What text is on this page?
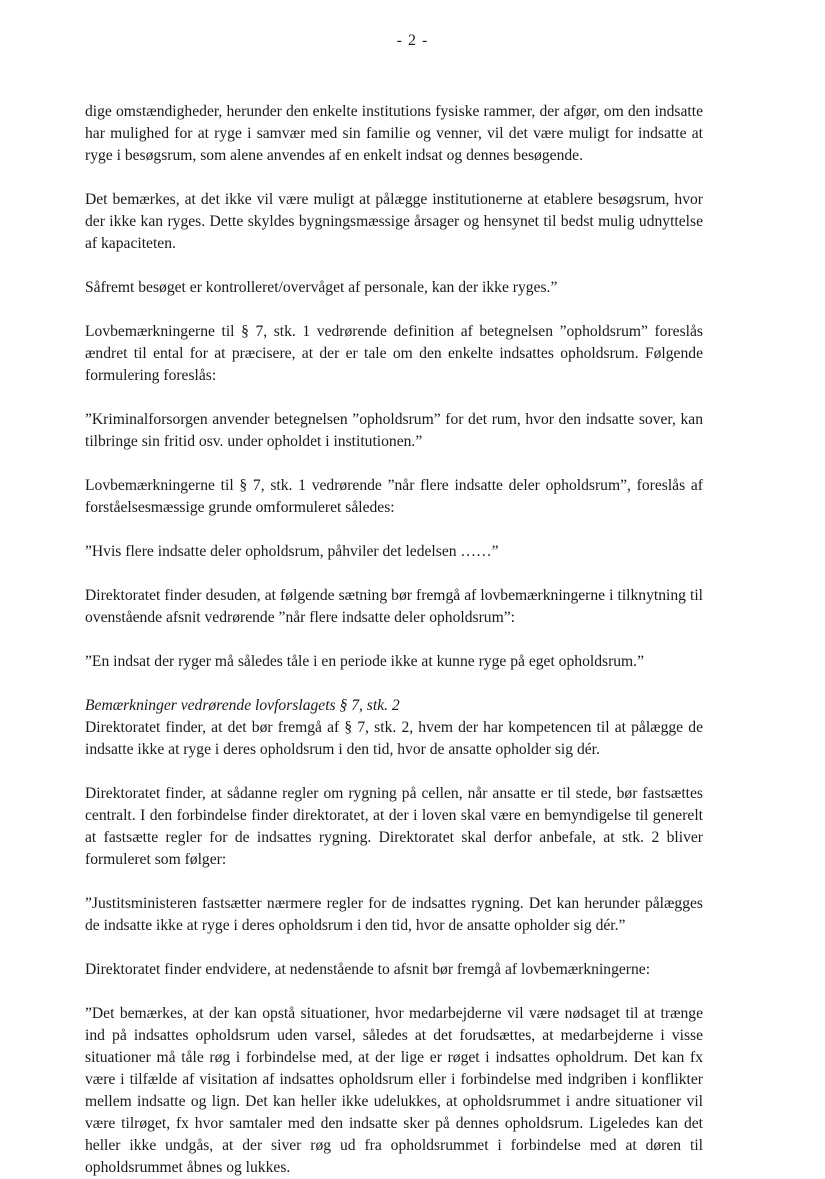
- 2 -

dige omstændigheder, herunder den enkelte institutions fysiske rammer, der afgør, om den indsatte har mulighed for at ryge i samvær med sin familie og venner, vil det være muligt for indsatte at ryge i besøgsrum, som alene anvendes af en enkelt indsat og dennes besøgende.

Det bemærkes, at det ikke vil være muligt at pålægge institutionerne at etablere besøgsrum, hvor der ikke kan ryges. Dette skyldes bygningsmæssige årsager og hensynet til bedst mulig udnyttelse af kapaciteten.

Såfremt besøget er kontrolleret/overvåget af personale, kan der ikke ryges.”

Lovbemærkningerne til § 7, stk. 1 vedrørende definition af betegnelsen ”opholdsrum” foreslås ændret til ental for at præcisere, at der er tale om den enkelte indsattes opholdsrum. Følgende formulering foreslås:

”Kriminalforsorgen anvender betegnelsen ”opholdsrum” for det rum, hvor den indsatte sover, kan tilbringe sin fritid osv. under opholdet i institutionen.”

Lovbemærkningerne til § 7, stk. 1 vedrørende ”når flere indsatte deler opholdsrum”, foreslås af forståelsesmæssige grunde omformuleret således:

”Hvis flere indsatte deler opholdsrum, påhviler det ledelsen ……”

Direktoratet finder desuden, at følgende sætning bør fremgå af lovbemærkningerne i tilknytning til ovenstående afsnit vedrørende ”når flere indsatte deler opholdsrum”:

”En indsat der ryger må således tåle i en periode ikke at kunne ryge på eget opholdsrum.”

Bemærkninger vedrørende lovforslagets § 7, stk. 2

Direktoratet finder, at det bør fremgå af § 7, stk. 2, hvem der har kompetencen til at pålægge de indsatte ikke at ryge i deres opholdsrum i den tid, hvor de ansatte opholder sig dér.

Direktoratet finder, at sådanne regler om rygning på cellen, når ansatte er til stede, bør fastsættes centralt. I den forbindelse finder direktoratet, at der i loven skal være en bemyndigelse til generelt at fastsætte regler for de indsattes rygning. Direktoratet skal derfor anbefale, at stk. 2 bliver formuleret som følger:

”Justitsministeren fastsætter nærmere regler for de indsattes rygning. Det kan herunder pålægges de indsatte ikke at ryge i deres opholdsrum i den tid, hvor de ansatte opholder sig dér.”

Direktoratet finder endvidere, at nedenstående to afsnit bør fremgå af lovbemærkningerne:

”Det bemærkes, at der kan opstå situationer, hvor medarbejderne vil være nødsaget til at trænge ind på indsattes opholdsrum uden varsel, således at det forudsættes, at medarbejderne i visse situationer må tåle røg i forbindelse med, at der lige er røget i indsattes opholdrum. Det kan fx være i tilfælde af visitation af indsattes opholdsrum eller i forbindelse med indgriben i konflikter mellem indsatte og lign. Det kan heller ikke udelukkes, at opholdsrummet i andre situationer vil være tilrøget, fx hvor samtaler med den indsatte sker på dennes opholdsrum. Ligeledes kan det heller ikke undgås, at der siver røg ud fra opholdsrummet i forbindelse med at døren til opholdsrummet åbnes og lukkes.
